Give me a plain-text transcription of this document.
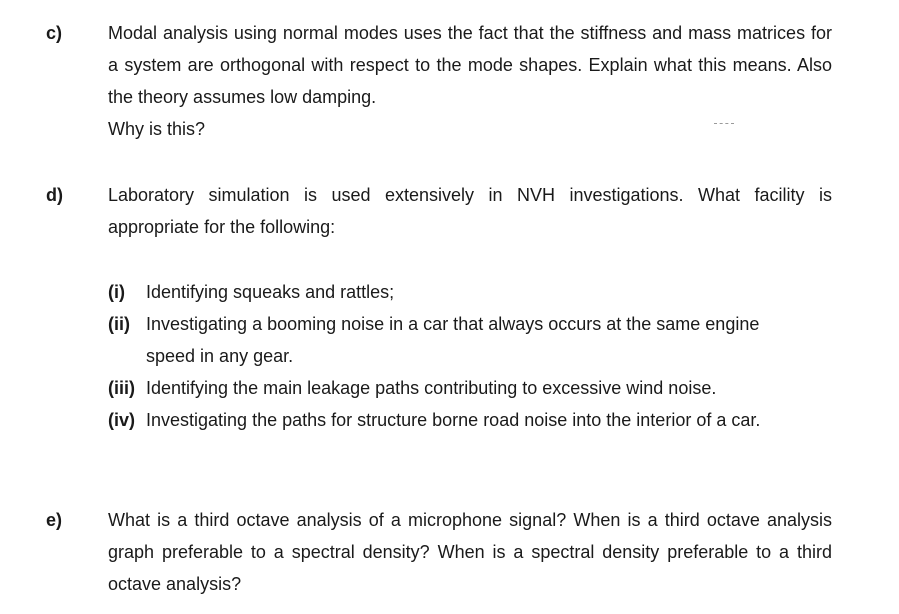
c)	Modal analysis using normal modes uses the fact that the stiffness and mass matrices for a system are orthogonal with respect to the mode shapes. Explain what this means. Also the theory assumes low damping.

Why is this?

d)	Laboratory simulation is used extensively in NVH investigations. What facility is appropriate for the following:

(i) Identifying squeaks and rattles;
(ii) Investigating a booming noise in a car that always occurs at the same engine
speed in any gear.
(iii) Identifying the main leakage paths contributing to excessive wind noise.
(iv) Investigating the paths for structure borne road noise into the interior of a car.
e)	What is a third octave analysis of a microphone signal? When is a third octave analysis graph preferable to a spectral density? When is a spectral density preferable to a third octave analysis?
